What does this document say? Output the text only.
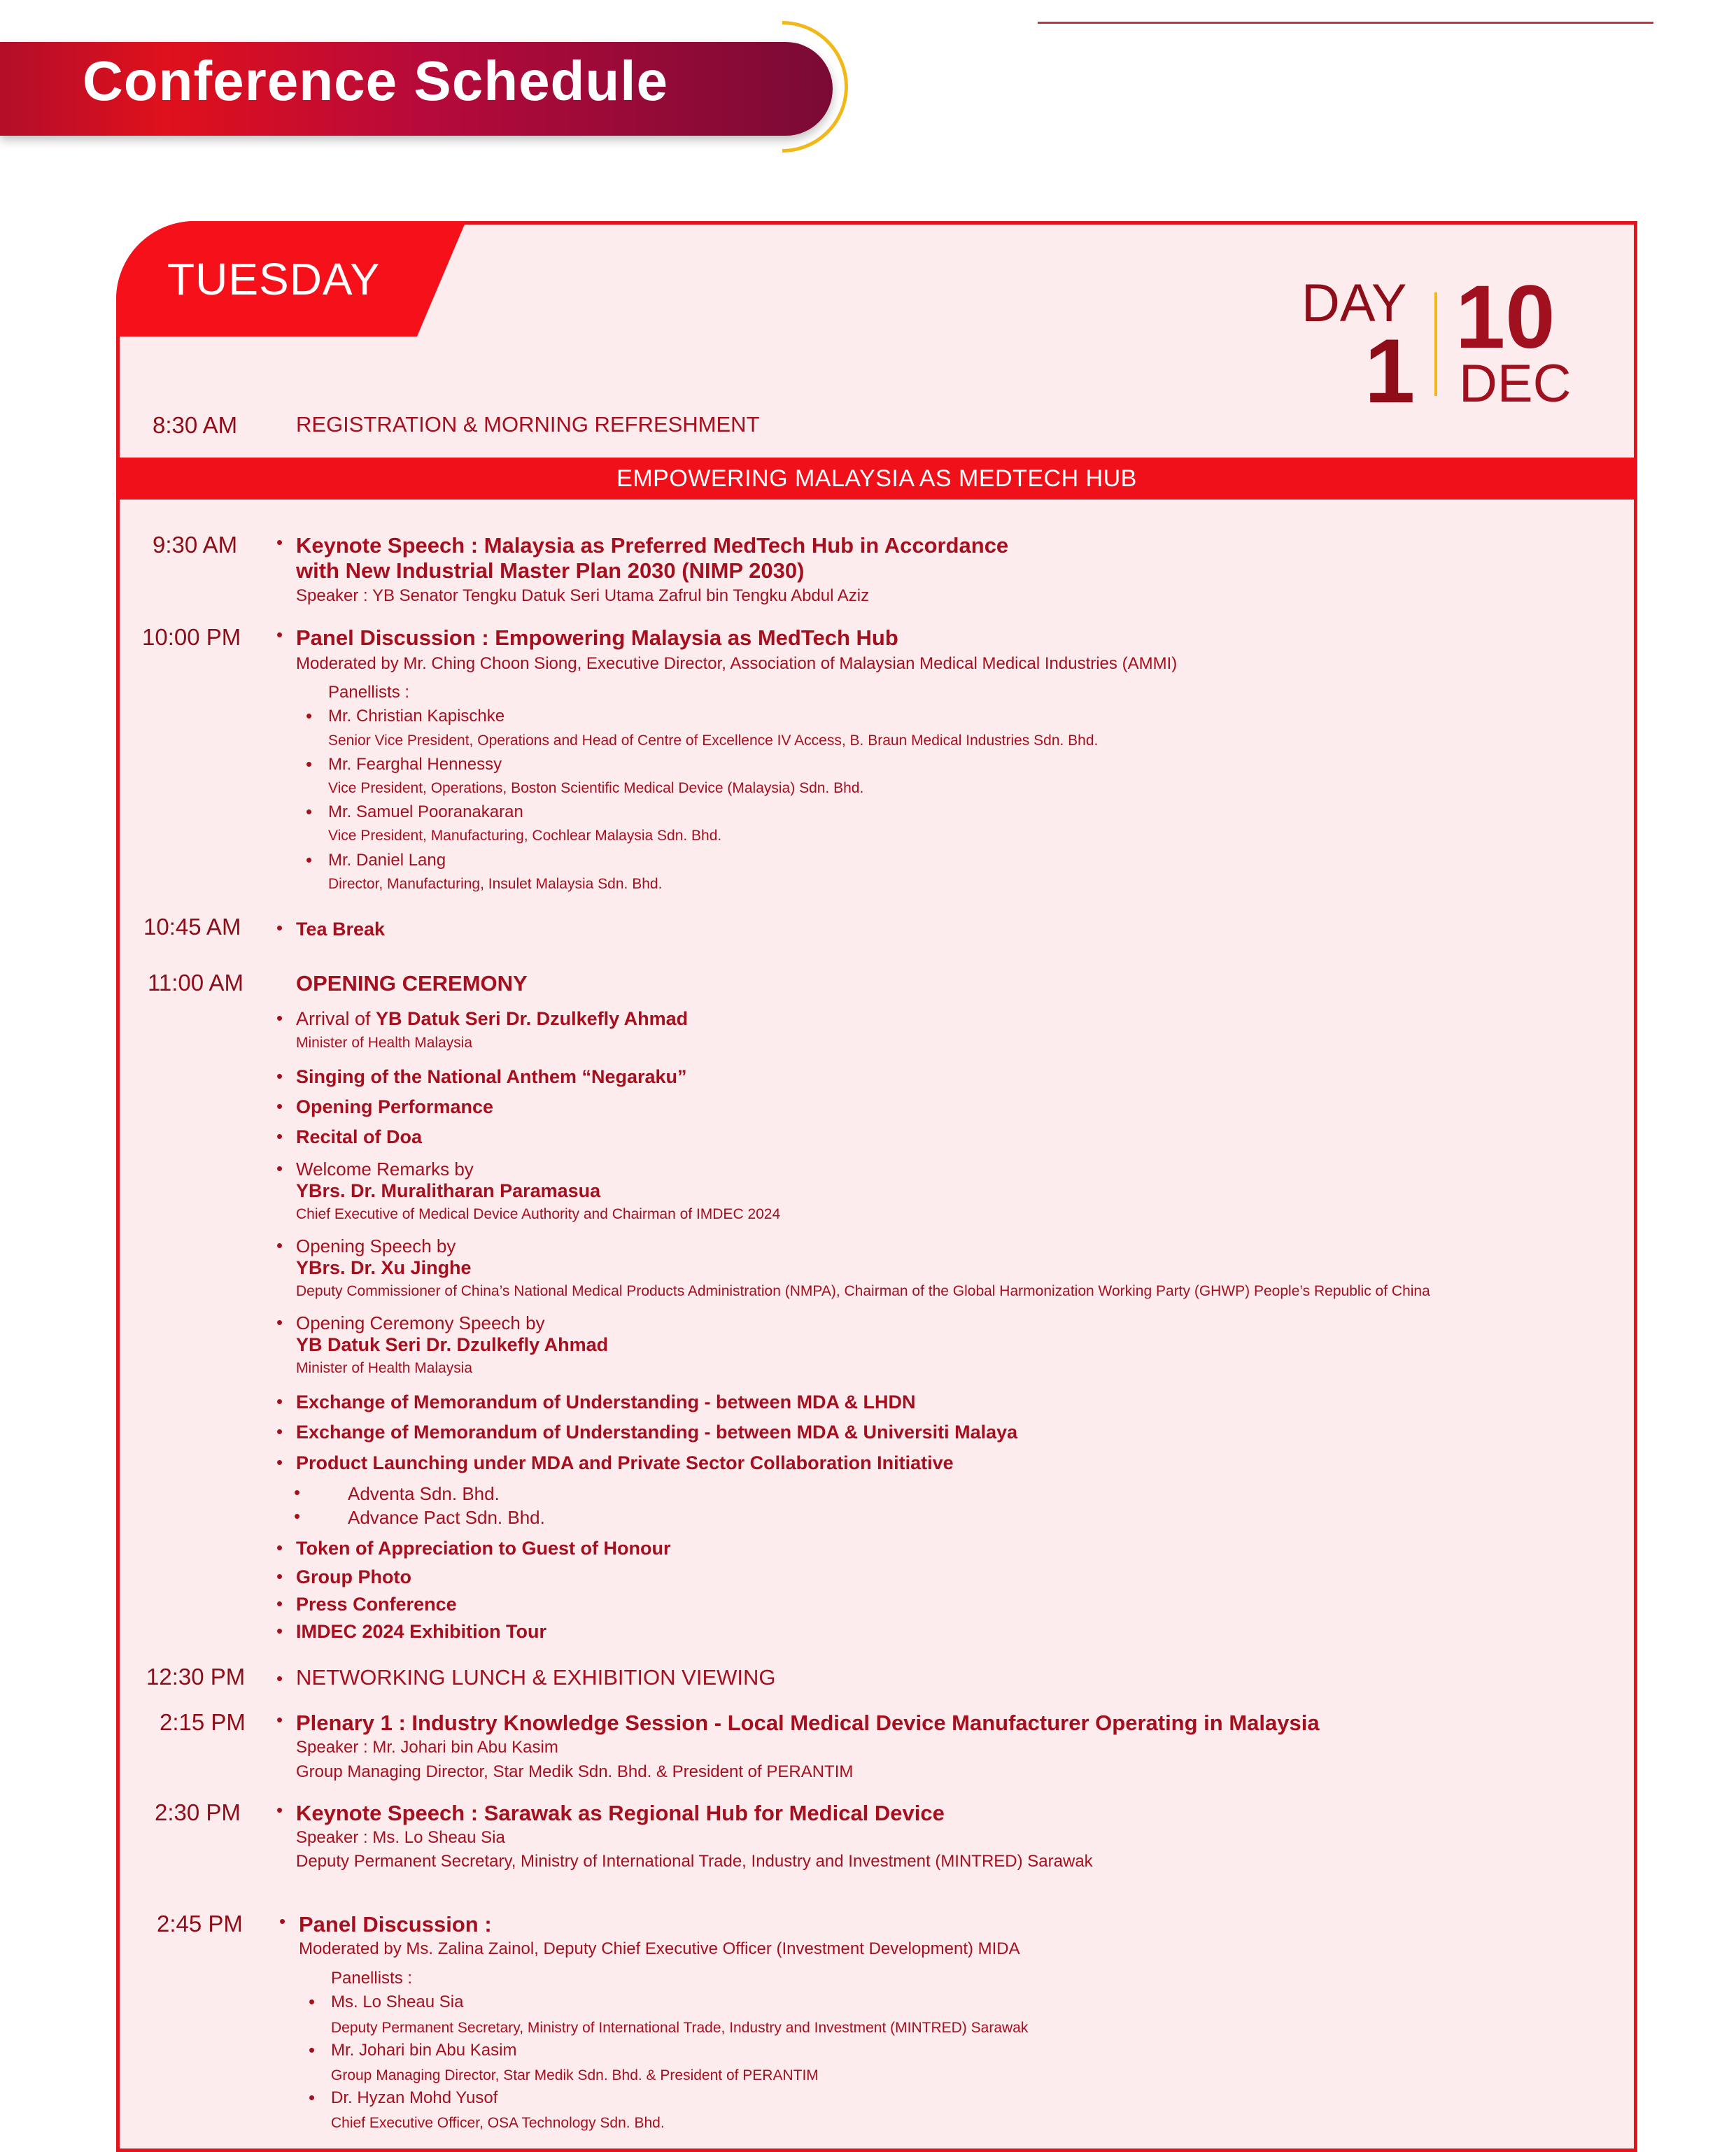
Conference Schedule
TUESDAY	DAY
1
10
DEC
8:30 AM	REGISTRATION & MORNING REFRESHMENT
EMPOWERING MALAYSIA AS MEDTECH HUB
9:30 AM • Keynote Speech : Malaysia as Preferred MedTech Hub in Accordance
with New Industrial Master Plan 2030 (NIMP 2030)
Speaker : YB Senator Tengku Datuk Seri Utama Zafrul bin Tengku Abdul Aziz
10:00 PM • Panel Discussion : Empowering Malaysia as MedTech Hub
Moderated by Mr. Ching Choon Siong, Executive Director, Association of Malaysian Medical Medical Industries (AMMI)
Panellists :
• Mr. Christian Kapischke
Senior Vice President, Operations and Head of Centre of Excellence IV Access, B. Braun Medical Industries Sdn. Bhd.
• Mr. Fearghal Hennessy
Vice President, Operations, Boston Scientific Medical Device (Malaysia) Sdn. Bhd.
• Mr. Samuel Pooranakaran
Vice President, Manufacturing, Cochlear Malaysia Sdn. Bhd.
• Mr. Daniel Lang
Director, Manufacturing, Insulet Malaysia Sdn. Bhd.
10:45 AM • Tea Break
11:00 AM OPENING CEREMONY
• Arrival of YB Datuk Seri Dr. Dzulkefly Ahmad
Minister of Health Malaysia
• Singing of the National Anthem “Negaraku”
• Opening Performance
• Recital of Doa
• Welcome Remarks by
YBrs. Dr. Muralitharan Paramasua
Chief Executive of Medical Device Authority and Chairman of IMDEC 2024
• Opening Speech by
YBrs. Dr. Xu Jinghe
Deputy Commissioner of China’s National Medical Products Administration (NMPA), Chairman of the Global Harmonization Working Party (GHWP) People’s Republic of China
• Opening Ceremony Speech by
YB Datuk Seri Dr. Dzulkefly Ahmad
Minister of Health Malaysia
• Exchange of Memorandum of Understanding - between MDA & LHDN
• Exchange of Memorandum of Understanding - between MDA & Universiti Malaya
• Product Launching under MDA and Private Sector Collaboration Initiative
•	Adventa Sdn. Bhd.
•	Advance Pact Sdn. Bhd.
• Token of Appreciation to Guest of Honour
• Group Photo
• Press Conference
• IMDEC 2024 Exhibition Tour
12:30 PM • NETWORKING LUNCH & EXHIBITION VIEWING
2:15 PM • Plenary 1 : Industry Knowledge Session - Local Medical Device Manufacturer Operating in Malaysia
Speaker : Mr. Johari bin Abu Kasim
Group Managing Director, Star Medik Sdn. Bhd. & President of PERANTIM
2:30 PM • Keynote Speech : Sarawak as Regional Hub for Medical Device
Speaker : Ms. Lo Sheau Sia
Deputy Permanent Secretary, Ministry of International Trade, Industry and Investment (MINTRED) Sarawak
2:45 PM • Panel Discussion :
Moderated by Ms. Zalina Zainol, Deputy Chief Executive Officer (Investment Development) MIDA
Panellists :
• Ms. Lo Sheau Sia
Deputy Permanent Secretary, Ministry of International Trade, Industry and Investment (MINTRED) Sarawak
• Mr. Johari bin Abu Kasim
Group Managing Director, Star Medik Sdn. Bhd. & President of PERANTIM
• Dr. Hyzan Mohd Yusof
Chief Executive Officer, OSA Technology Sdn. Bhd.
